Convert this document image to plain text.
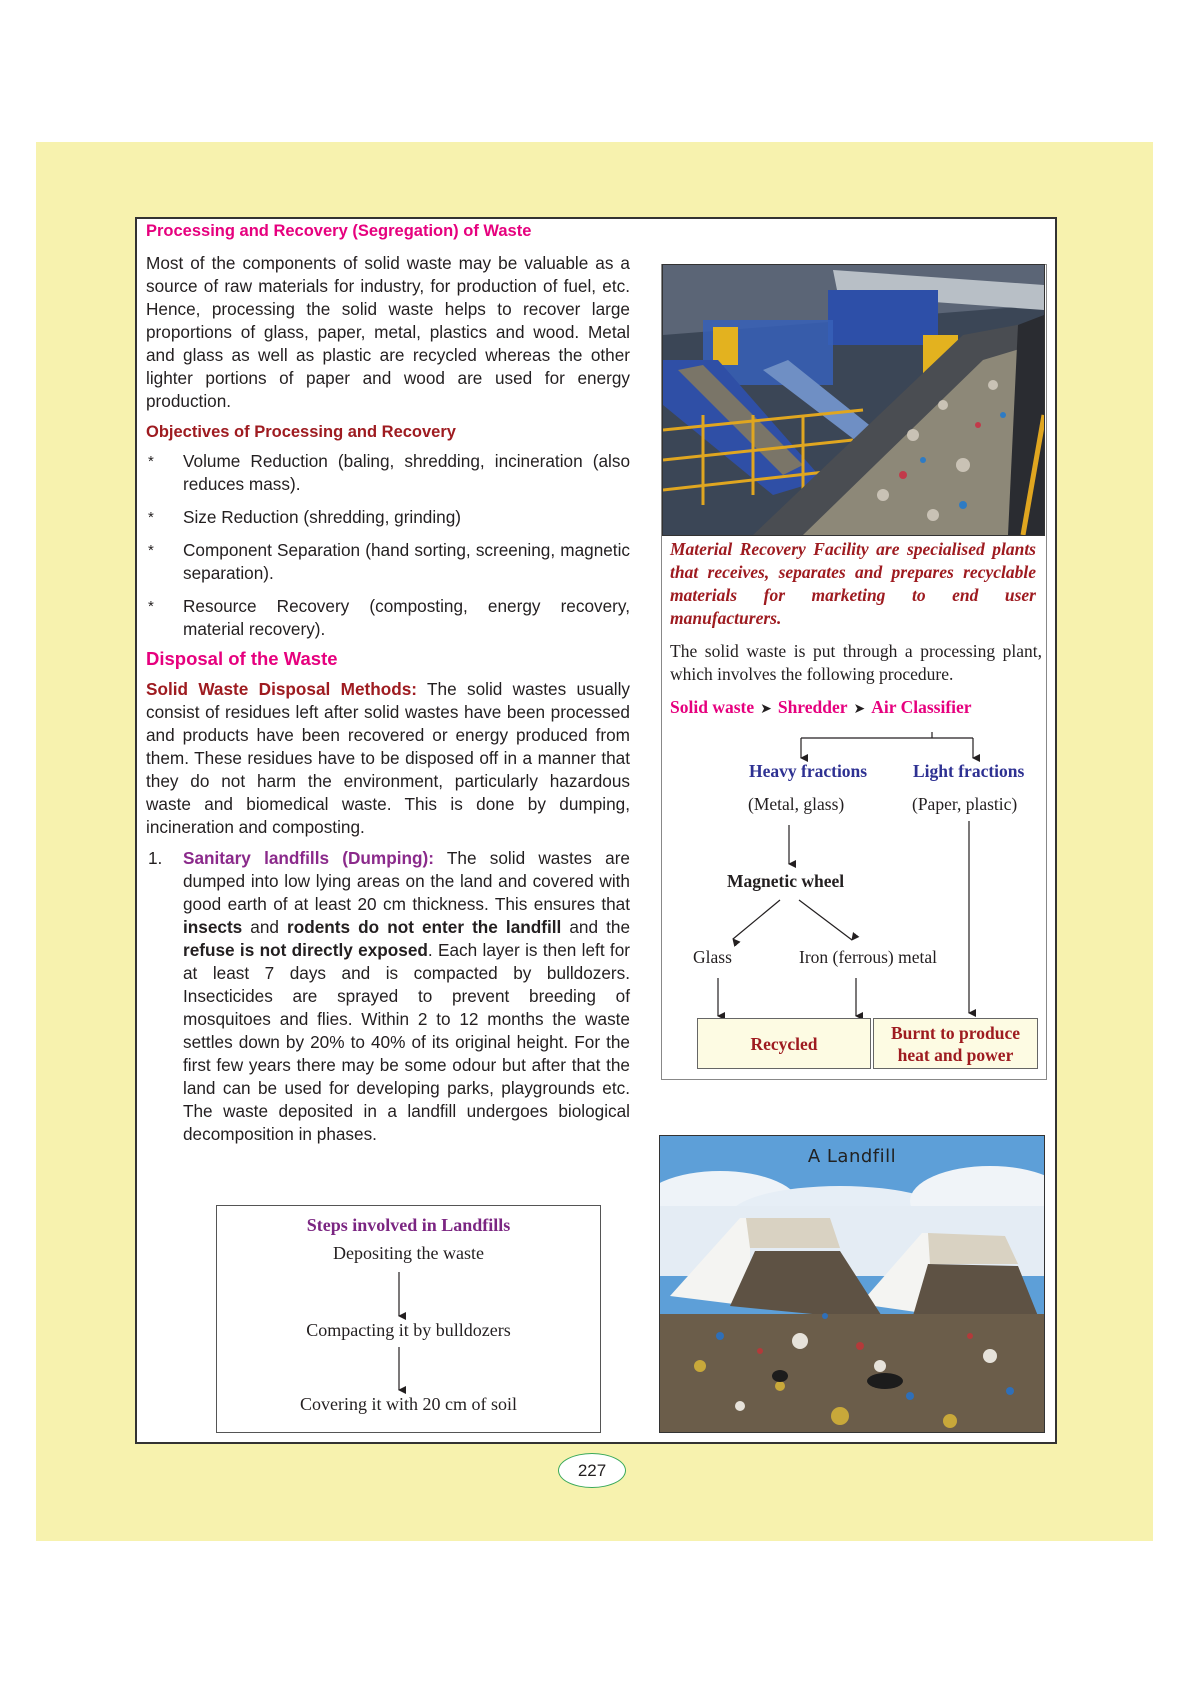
Processing and Recovery (Segregation) of Waste

Most of the components of solid waste may be valuable as a source of raw materials for industry, for production of fuel, etc. Hence, processing the solid waste helps to recover large proportions of glass, paper, metal, plastics and wood. Metal and glass as well as plastic are recycled whereas the other lighter portions of paper and wood are used for energy production.

Objectives of Processing and Recovery
* Volume Reduction (baling, shredding, incineration (also reduces mass).
* Size Reduction (shredding, grinding)
* Component Separation (hand sorting, screening, magnetic separation).
* Resource Recovery (composting, energy recovery, material recovery).
Disposal of the Waste

Solid Waste Disposal Methods: The solid wastes usually consist of residues left after solid wastes have been processed and products have been recovered or energy produced from them. These residues have to be disposed off in a manner that they do not harm the environment, particularly hazardous waste and biomedical waste. This is done by dumping, incineration and composting.

1. Sanitary landfills (Dumping): The solid wastes are dumped into low lying areas on the land and covered with good earth of at least 20 cm thickness. This ensures that insects and rodents do not enter the landfill and the refuse is not directly exposed. Each layer is then left for at least 7 days and is compacted by bulldozers. Insecticides are sprayed to prevent breeding of mosquitoes and flies. Within 2 to 12 months the waste settles down by 20% to 40% of its original height. For the first few years there may be some odour but after that the land can be used for developing parks, playgrounds etc. The waste deposited in a landfill undergoes biological decomposition in phases.
Steps involved in Landfills
Depositing the waste
Compacting it by bulldozers
Covering it with 20 cm of soil
Material Recovery Facility are specialised plants that receives, separates and prepares recyclable materials for marketing to end user manufacturers.
The solid waste is put through a processing plant, which involves the following procedure.
Solid waste ➤ Shredder ➤ Air Classifier
Heavy fractions	Light fractions
(Metal, glass)	(Paper, plastic)
Magnetic wheel
Glass	Iron (ferrous) metal
Recycled
Burnt to produce
heat and power
A Landfill
227
